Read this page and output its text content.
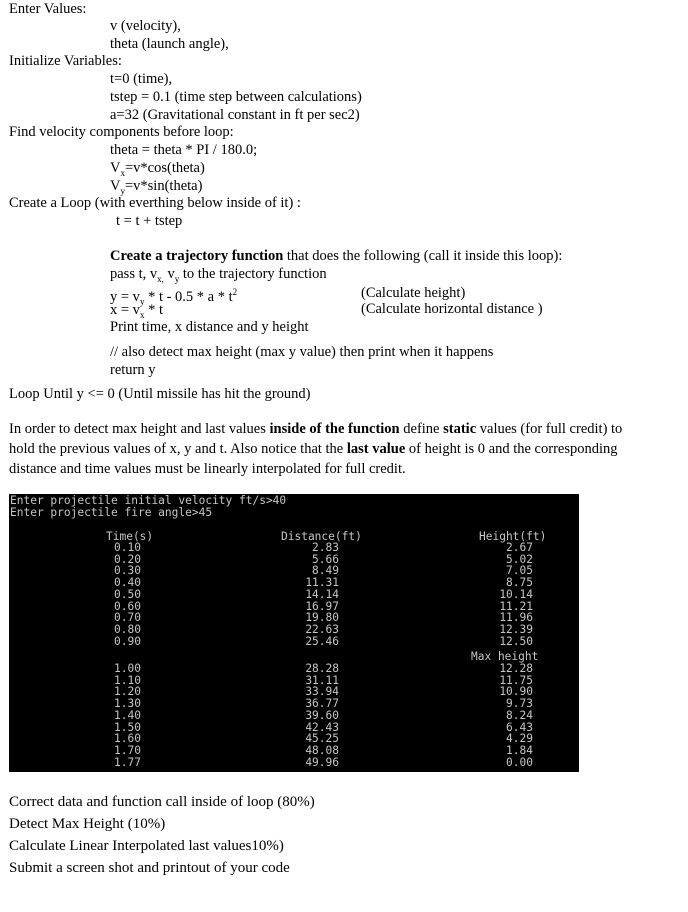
Enter Values:
v (velocity),
theta (launch angle),
Initialize Variables:
t=0 (time),
tstep = 0.1 (time step between calculations)
a=32 (Gravitational constant in ft per sec2)
Find velocity components before loop:
theta = theta * PI / 180.0;
$V_x=v*\cos(theta)$
$V_y=v*\sin(theta)$
Create a Loop (with everthing below inside of it) :
t = t + tstep
Create a trajectory function that does the following (call it inside this loop):
pass t, $v_{x,}$ $v_y$ to the trajectory function
$y = v_y * t - 0.5 * a * t^2$	(Calculate height)
$x = v_x * t$	(Calculate horizontal distance )
Print time, x distance and y height
// also detect max height (max y value) then print when it happens
return y
Loop Until y <= 0 (Until missile has hit the ground)
In order to detect max height and last values inside of the function define static values (for full credit) to
hold the previous values of x, y and t. Also notice that the last value of height is 0 and the corresponding
distance and time values must be linearly interpolated for full credit.
Enter projectile initial velocity ft/s>40
Enter projectile fire angle>45
Time(s)	Distance(ft)	Height(ft)
0.10	2.83	2.67
0.20	5.66	5.02
0.30	8.49	7.05
0.40	11.31	8.75
0.50	14.14	10.14
0.60	16.97	11.21
0.70	19.80	11.96
0.80	22.63	12.39
0.90	25.46	12.50
Max height
1.00	28.28	12.28
1.10	31.11	11.75
1.20	33.94	10.90
1.30	36.77	9.73
1.40	39.60	8.24
1.50	42.43	6.43
1.60	45.25	4.29
1.70	48.08	1.84
1.77	49.96	0.00
Correct data and function call inside of loop (80%)
Detect Max Height (10%)
Calculate Linear Interpolated last values10%)
Submit a screen shot and printout of your code
